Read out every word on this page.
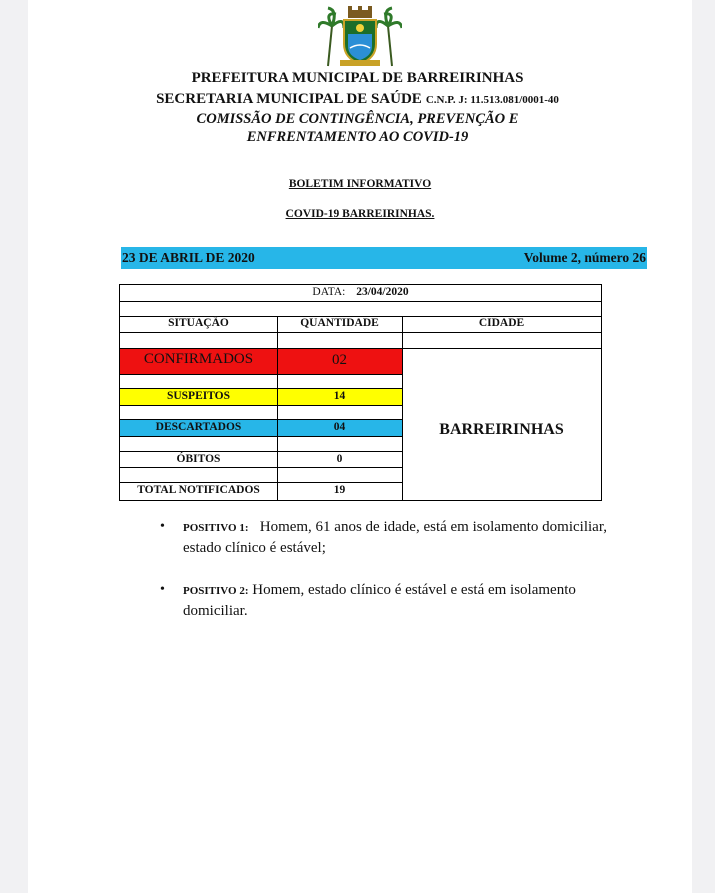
PREFEITURA MUNICIPAL DE BARREIRINHAS
SECRETARIA MUNICIPAL DE SAÚDE C.N.P. J: 11.513.081/0001-40
COMISSÃO DE CONTINGÊNCIA, PREVENÇÃO E
ENFRENTAMENTO AO COVID-19
BOLETIM INFORMATIVO
COVID-19 BARREIRINHAS.
23 DE ABRIL DE 2020	Volume 2, número 26
DATA: 23/04/2020
SITUAÇÃO	QUANTIDADE	CIDADE
CONFIRMADOS	02
SUSPEITOS	14
DESCARTADOS	04
ÓBITOS	0
TOTAL NOTIFICADOS	19
BARREIRINHAS
• POSITIVO 1: Homem, 61 anos de idade, está em isolamento domiciliar, estado clínico é estável;
• POSITIVO 2: Homem, estado clínico é estável e está em isolamento domiciliar.
